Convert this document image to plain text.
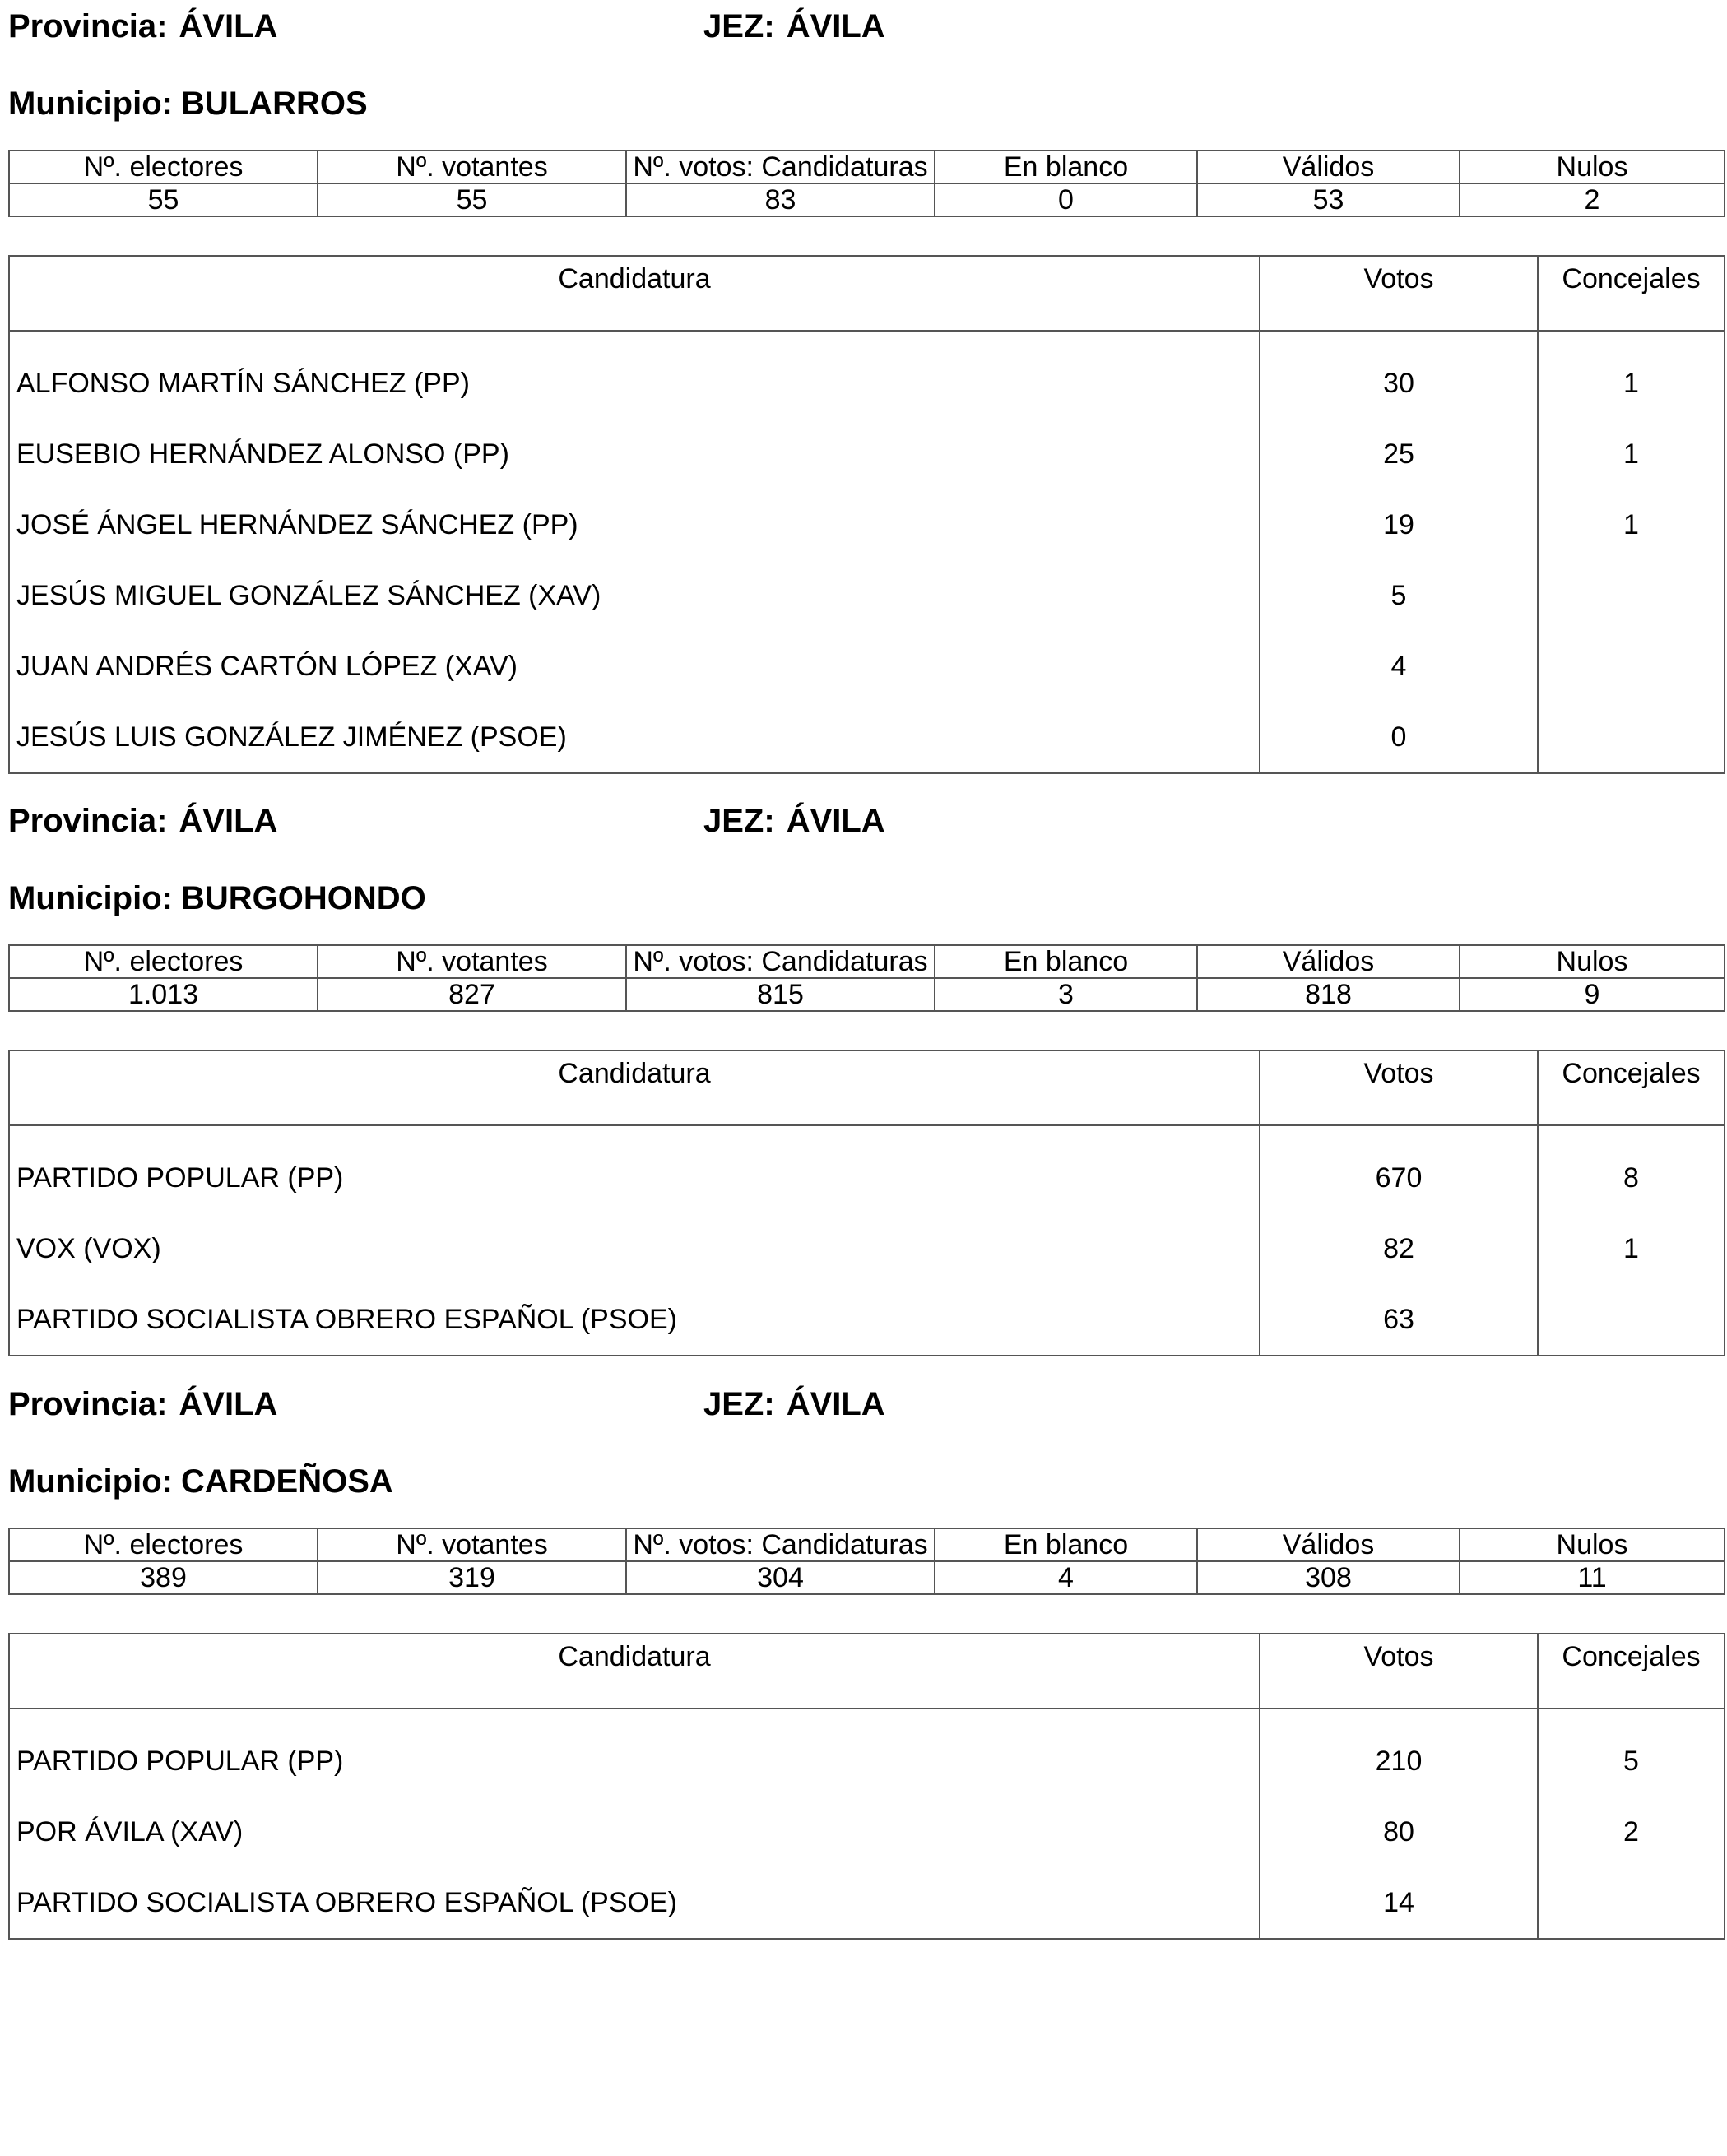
Provincia: ÁVILA	JEZ: ÁVILA
Municipio: BULARROS
Nº. electores	Nº. votantes	Nº. votos: Candidaturas	En blanco	Válidos	Nulos
55	55	83	0	53	2
Candidatura	Votos	Concejales
ALFONSO MARTÍN SÁNCHEZ (PP)	30	1
EUSEBIO HERNÁNDEZ ALONSO (PP)	25	1
JOSÉ ÁNGEL HERNÁNDEZ SÁNCHEZ (PP)	19	1
JESÚS MIGUEL GONZÁLEZ SÁNCHEZ (XAV)	5	
JUAN ANDRÉS CARTÓN LÓPEZ (XAV)	4	
JESÚS LUIS GONZÁLEZ JIMÉNEZ (PSOE)	0	
Provincia: ÁVILA	JEZ: ÁVILA
Municipio: BURGOHONDO
Nº. electores	Nº. votantes	Nº. votos: Candidaturas	En blanco	Válidos	Nulos
1.013	827	815	3	818	9
Candidatura	Votos	Concejales
PARTIDO POPULAR (PP)	670	8
VOX (VOX)	82	1
PARTIDO SOCIALISTA OBRERO ESPAÑOL (PSOE)	63	
Provincia: ÁVILA	JEZ: ÁVILA
Municipio: CARDEÑOSA
Nº. electores	Nº. votantes	Nº. votos: Candidaturas	En blanco	Válidos	Nulos
389	319	304	4	308	11
Candidatura	Votos	Concejales
PARTIDO POPULAR (PP)	210	5
POR ÁVILA (XAV)	80	2
PARTIDO SOCIALISTA OBRERO ESPAÑOL (PSOE)	14	
